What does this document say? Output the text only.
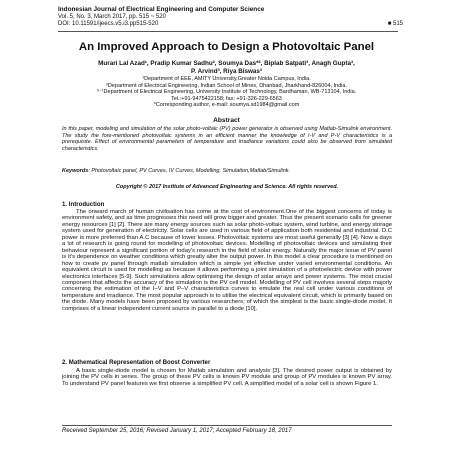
Indonesian Journal of Electrical Engineering and Computer Science
Vol. 5, No. 3, March 2017, pp. 515 ~ 520
DOI: 10.11591/ijeecs.v5.i3.pp515-520	■ 515
An Improved Approach to Design a Photovoltaic Panel
Murari Lal Azad¹, Pradip Kumar Sadhu², Soumya Das*², Biplab Satpati³, Anagh Gupta³,
P. Arvind³, Riya Biswas³
¹Department of EEE, AMITY University,Greater Noida Campus, India.
²Department of Electrical Engineering, Indian School of Mines, Dhanbad, Jharkhand-826004, India.
³⁻⁷Department of Electrical Engineering, University Institute of Technology, Bardhaman, WB-713104, India.
Tel.:+91-9475422158; fax: +91-326-229-6563
*Corresponding author, e-mail: soumya.sd1984@gmail.com
Abstract
In this paper, modeling and simulation of the solar photo-voltaic (PV) power generator is observed using Matlab-Simulink environment. The study the fore-mentioned photovoltaic systems in an efficient manner the knowledge of I-V and P-V characteristics is a prerequisite. Effect of environmental parameters of temperature and irradiance variations could also be observed from simulated characteristics.
Keywords: Photovoltaic panel, PV Curves, IV Curves, Modelling, Simulation,Matlab/Simulink.
Copyright © 2017 Institute of Advanced Engineering and Science. All rights reserved.
1. Introduction

The onward march of human civilisation has come at the cost of environment.One of the biggest concerns of today is environment safety, and as time progresses this need will grow bigger and greater. Thus the present scenario calls for greener energy resources [1] [2]. There are many energy sources such as solar photo-voltaic system, wind turbine, and energy storage system used for generation of electricity. Solar cells are used in various field of application both residential and industrial. D.C power is more preferred than A.C because of lower losses. Photovoltaic systems are most useful generally [3] [4]. Now a days a lot of research is going round for modelling of photovoltaic devices. Modelling of photovoltaic devices and simulating their behaviour represent a significant portion of today's research in the field of solar energy. Naturally the major issue of PV panel is it's dependence on weather conditions which greatly alter the output power. In this model a clear procedure is mentioned on how to create pv panel through matlab simulation which is simple yet effective under varied environmental conditions. An equivalent circuit is used for modelling as because it allows performing a joint simulation of a photoelectric device with power electronics interfaces [5-9]. Such simulations allow optimising the design of solar arrays and power systems. The most crucial component that affects the accuracy of the simulation is the PV cell model. Modelling of PV cell involves several steps majorly concerning the estimation of the I–V and P–V characteristics curves to emulate the real cell under various conditions of temperature and irradiance. The most popular approach is to utilise the electrical equivalent circuit, which is primarily based on the diode. Many models have been proposed by various researchers; of which the simplest is the basic single-diode model. It comprises of a linear independent current source in parallel to a diode [10].

2. Mathematical Representation of Boost Converter

A basic single-diode model is chosen for Matlab simulation and analysis [3]. The desired power output is obtained by joining the PV cells in series. The group of these PV cells is known PV module and group of PV modules is known PV array. To understand PV panel features we first observe a simplified PV cell. A simplified model of a solar cell is shown Figure 1.

Received September 25, 2016; Revised January 1, 2017; Accepted February 18, 2017
